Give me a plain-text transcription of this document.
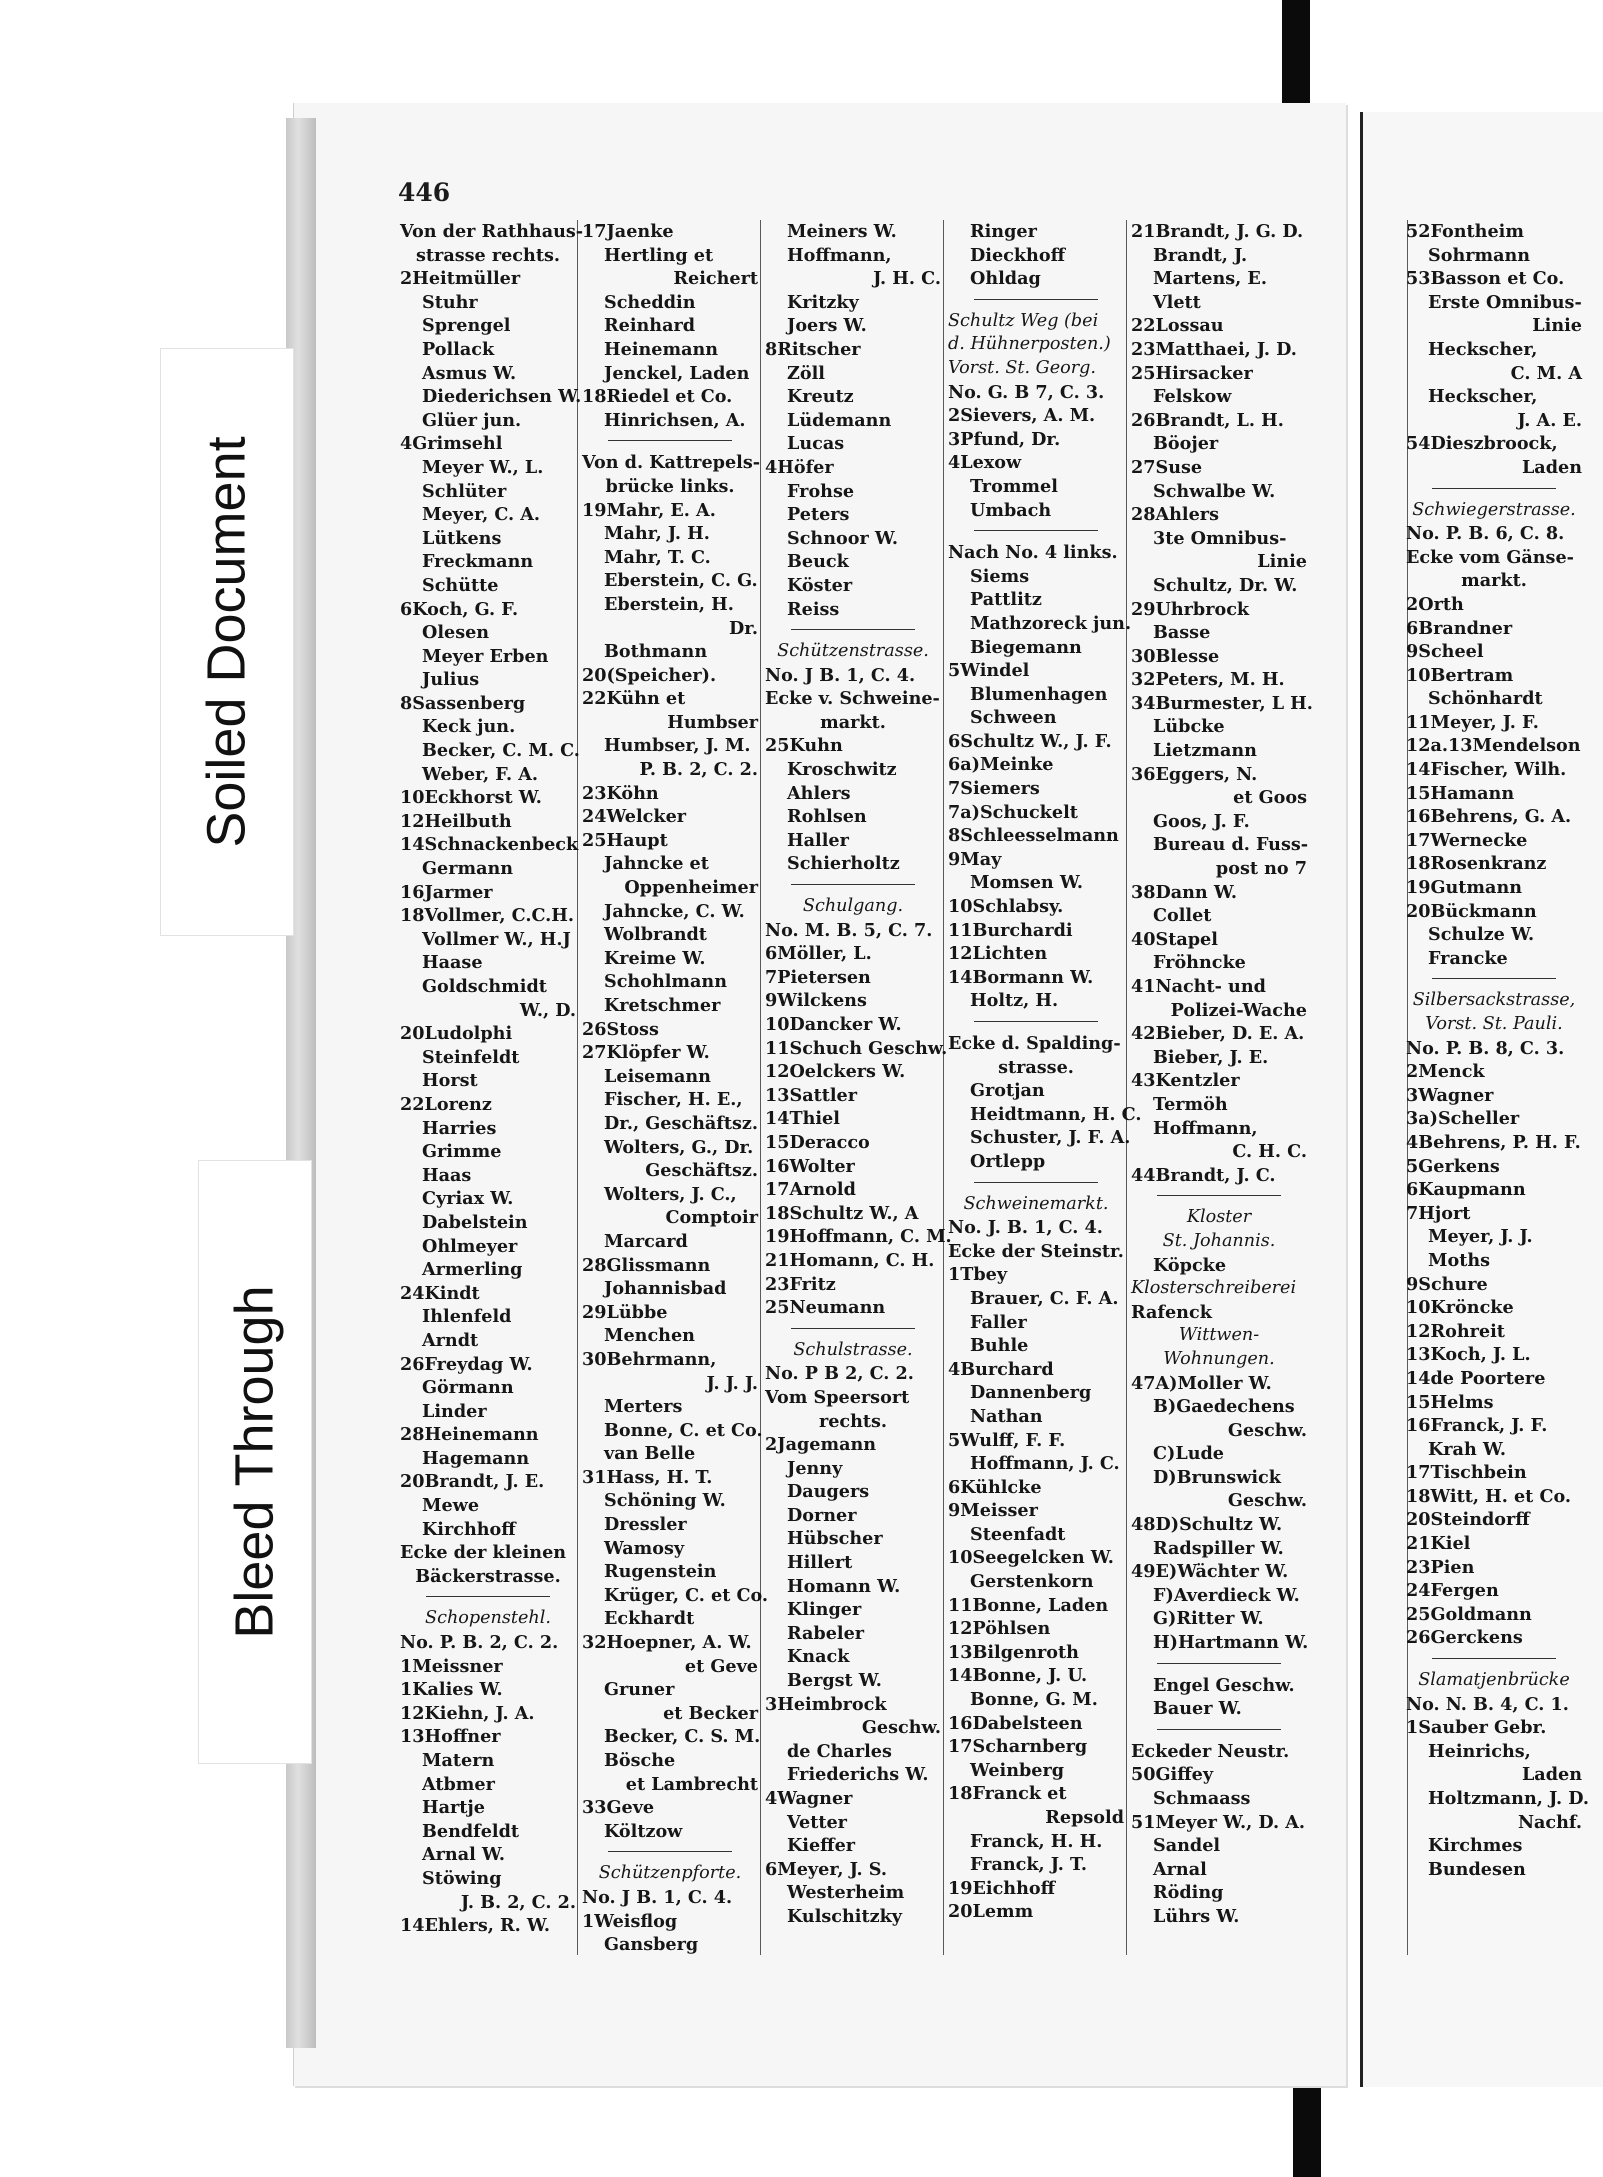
446
Soiled Document
Bleed Through
Von der Rathhaus-
strasse rechts.
2Heitmüller
Stuhr
Sprengel
Pollack
Asmus W.
Diederichsen W.
Glüer jun.
4Grimsehl
Meyer W., L.
Schlüter
Meyer, C. A.
Lütkens
Freckmann
Schütte
6Koch, G. F.
Olesen
Meyer Erben
Julius
8Sassenberg
Keck jun.
Becker, C. M. C.
Weber, F. A.
10Eckhorst W.
12Heilbuth
14Schnackenbeck
Germann
16Jarmer
18Vollmer, C.C.H.
Vollmer W., H.J
Haase
Goldschmidt
W., D.
20Ludolphi
Steinfeldt
Horst
22Lorenz
Harries
Grimme
Haas
Cyriax W.
Dabelstein
Ohlmeyer
Armerling
24Kindt
Ihlenfeld
Arndt
26Freydag W.
Görmann
Linder
28Heinemann
Hagemann
20Brandt, J. E.
Mewe
Kirchhoff
Ecke der kleinen
Bäckerstrasse.
Schopenstehl.
No. P. B. 2, C. 2.
1Meissner
1Kalies W.
12Kiehn, J. A.
13Hoffner
Matern
Atbmer
Hartje
Bendfeldt
Arnal W.
Stöwing
J. B. 2, C. 2.
14Ehlers, R. W.
17Jaenke
Hertling et
Reichert
Scheddin
Reinhard
Heinemann
Jenckel, Laden
18Riedel et Co.
Hinrichsen, A.
Von d. Kattrepels-
brücke links.
19Mahr, E. A.
Mahr, J. H.
Mahr, T. C.
Eberstein, C. G.
Eberstein, H.
Dr.
Bothmann
20(Speicher).
22Kühn et
Humbser
Humbser, J. M.
P. B. 2, C. 2.
23Köhn
24Welcker
25Haupt
Jahncke et
Oppenheimer
Jahncke, C. W.
Wolbrandt
Kreime W.
Schohlmann
Kretschmer
26Stoss
27Klöpfer W.
Leisemann
Fischer, H. E.,
Dr., Geschäftsz.
Wolters, G., Dr.
Geschäftsz.
Wolters, J. C.,
Comptoir
Marcard
28Glissmann
Johannisbad
29Lübbe
Menchen
30Behrmann,
J. J. J.
Merters
Bonne, C. et Co.
van Belle
31Hass, H. T.
Schöning W.
Dressler
Wamosy
Rugenstein
Krüger, C. et Co.
Eckhardt
32Hoepner, A. W.
et Geve
Gruner
et Becker
Becker, C. S. M.
Bösche
et Lambrecht
33Geve
Költzow
Schützenpforte.
No. J B. 1, C. 4.
1Weisflog
Gansberg
Meiners W.
Hoffmann,
J. H. C.
Kritzky
Joers W.
8Ritscher
Zöll
Kreutz
Lüdemann
Lucas
4Höfer
Frohse
Peters
Schnoor W.
Beuck
Köster
Reiss
Schützenstrasse.
No. J B. 1, C. 4.
Ecke v. Schweine-
markt.
25Kuhn
Kroschwitz
Ahlers
Rohlsen
Haller
Schierholtz
Schulgang.
No. M. B. 5, C. 7.
6Möller, L.
7Pietersen
9Wilckens
10Dancker W.
11Schuch Geschw.
12Oelckers W.
13Sattler
14Thiel
15Deracco
16Wolter
17Arnold
18Schultz W., A
19Hoffmann, C. M.
21Homann, C. H.
23Fritz
25Neumann
Schulstrasse.
No. P B 2, C. 2.
Vom Speersort
rechts.
2Jagemann
Jenny
Daugers
Dorner
Hübscher
Hillert
Homann W.
Klinger
Rabeler
Knack
Bergst W.
3Heimbrock
Geschw.
de Charles
Friederichs W.
4Wagner
Vetter
Kieffer
6Meyer, J. S.
Westerheim
Kulschitzky
Ringer
Dieckhoff
Ohldag
Schultz Weg (bei
d. Hühnerposten.)
Vorst. St. Georg.
No. G. B 7, C. 3.
2Sievers, A. M.
3Pfund, Dr.
4Lexow
Trommel
Umbach
Nach No. 4 links.
Siems
Pattlitz
Mathzoreck jun.
Biegemann
5Windel
Blumenhagen
Schween
6Schultz W., J. F.
6a)Meinke
7Siemers
7a)Schuckelt
8Schleesselmann
9May
Momsen W.
10Schlabsy.
11Burchardi
12Lichten
14Bormann W.
Holtz, H.
Ecke d. Spalding-
strasse.
Grotjan
Heidtmann, H. C.
Schuster, J. F. A.
Ortlepp
Schweinemarkt.
No. J. B. 1, C. 4.
Ecke der Steinstr.
1Tbey
Brauer, C. F. A.
Faller
Buhle
4Burchard
Dannenberg
Nathan
5Wulff, F. F.
Hoffmann, J. C.
6Kühlcke
9Meisser
Steenfadt
10Seegelcken W.
Gerstenkorn
11Bonne, Laden
12Pöhlsen
13Bilgenroth
14Bonne, J. U.
Bonne, G. M.
16Dabelsteen
17Scharnberg
Weinberg
18Franck et
Repsold
Franck, H. H.
Franck, J. T.
19Eichhoff
20Lemm
21Brandt, J. G. D.
Brandt, J.
Martens, E.
Vlett
22Lossau
23Matthaei, J. D.
25Hirsacker
Felskow
26Brandt, L. H.
Böojer
27Suse
Schwalbe W.
28Ahlers
3te Omnibus-
Linie
Schultz, Dr. W.
29Uhrbrock
Basse
30Blesse
32Peters, M. H.
34Burmester, L H.
Lübcke
Lietzmann
36Eggers, N.
et Goos
Goos, J. F.
Bureau d. Fuss-
post no 7
38Dann W.
Collet
40Stapel
Fröhncke
41Nacht- und
Polizei-Wache
42Bieber, D. E. A.
Bieber, J. E.
43Kentzler
Termöh
Hoffmann,
C. H. C.
44Brandt, J. C.
Kloster
St. Johannis.
Köpcke
Klosterschreiberei
Rafenck
Wittwen-
Wohnungen.
47A)Moller W.
B)Gaedechens
Geschw.
C)Lude
D)Brunswick
Geschw.
48D)Schultz W.
Radspiller W.
49E)Wächter W.
F)Averdieck W.
G)Ritter W.
H)Hartmann W.
Engel Geschw.
Bauer W.
Eckeder Neustr.
50Giffey
Schmaass
51Meyer W., D. A.
Sandel
Arnal
Röding
Lührs W.
52Fontheim
Sohrmann
53Basson et Co.
Erste Omnibus-
Linie
Heckscher,
C. M. A
Heckscher,
J. A. E.
54Dieszbroock,
Laden
Schwiegerstrasse.
No. P. B. 6, C. 8.
Ecke vom Gänse-
markt.
2Orth
6Brandner
9Scheel
10Bertram
Schönhardt
11Meyer, J. F.
12a.13Mendelson
14Fischer, Wilh.
15Hamann
16Behrens, G. A.
17Wernecke
18Rosenkranz
19Gutmann
20Bückmann
Schulze W.
Francke
Silbersackstrasse,
Vorst. St. Pauli.
No. P. B. 8, C. 3.
2Menck
3Wagner
3a)Scheller
4Behrens, P. H. F.
5Gerkens
6Kaupmann
7Hjort
Meyer, J. J.
Moths
9Schure
10Kröncke
12Rohreit
13Koch, J. L.
14de Poortere
15Helms
16Franck, J. F.
Krah W.
17Tischbein
18Witt, H. et Co.
20Steindorff
21Kiel
23Pien
24Fergen
25Goldmann
26Gerckens
Slamatjenbrücke
No. N. B. 4, C. 1.
1Sauber Gebr.
Heinrichs,
Laden
Holtzmann, J. D.
Nachf.
Kirchmes
Bundesen
